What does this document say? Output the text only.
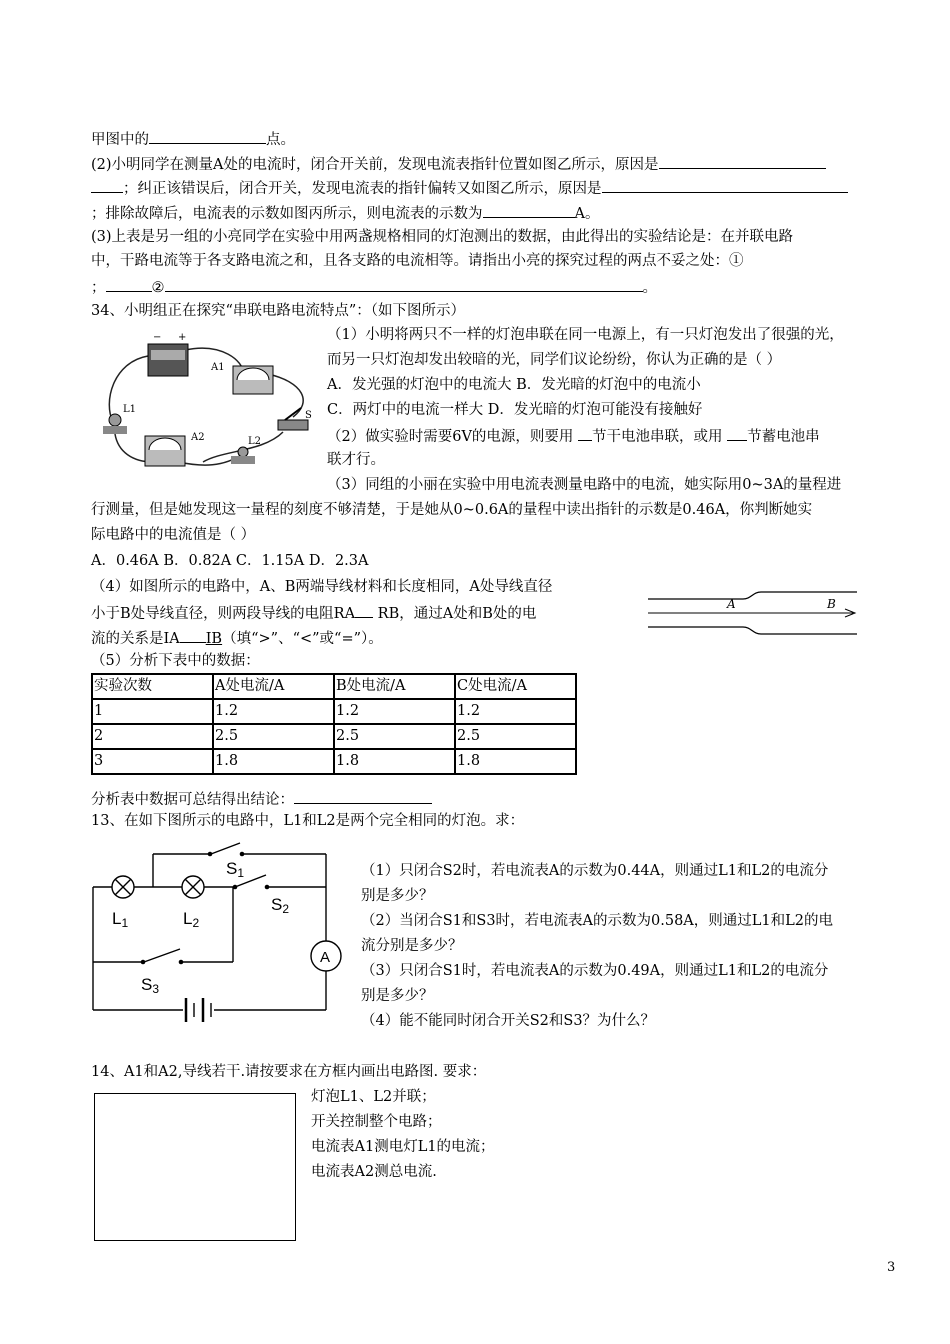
甲图中的	点。
(2)小明同学在测量A处的电流时，闭合开关前，发现电流表指针位置如图乙所示，原因是
；纠正该错误后，闭合开关，发现电流表的指针偏转又如图乙所示，原因是
；排除故障后，电流表的示数如图丙所示，则电流表的示数为	A。
(3)上表是另一组的小亮同学在实验中用两盏规格相同的灯泡测出的数据，由此得出的实验结论是：在并联电路
中，干路电流等于各支路电流之和，且各支路的电流相等。请指出小亮的探究过程的两点不妥之处：①
；	②	。
34、小明组正在探究“串联电路电流特点”：（如下图所示）
− +
A1
A2
L1
L2
S
（1）小明将两只不一样的灯泡串联在同一电源上，有一只灯泡发出了很强的光，
而另一只灯泡却发出较暗的光，同学们议论纷纷，你认为正确的是（ ）
A．发光强的灯泡中的电流大 B．发光暗的灯泡中的电流小
C．两灯中的电流一样大 D．发光暗的灯泡可能没有接触好
（2）做实验时需要6V的电源，则要用 节干电池串联，或用 节蓄电池串
联才行。
（3）同组的小丽在实验中用电流表测量电路中的电流，她实际用0~3A的量程进
行测量，但是她发现这一量程的刻度不够清楚，于是她从0~0.6A的量程中读出指针的示数是0.46A，你判断她实
际电路中的电流值是（ ）
A．0.46A B．0.82A C．1.15A D．2.3A
（4）如图所示的电路中，A、B两端导线材料和长度相同，A处导线直径
小于B处导线直径，则两段导线的电阻RA RB，通过A处和B处的电
流的关系是IA IB（填“>”、“<”或“=”）。
A	B
（5）分析下表中的数据：
实验次数	A处电流/A	B处电流/A	C处电流/A
1	1.2	1.2	1.2
2	2.5	2.5	2.5
3	1.8	1.8	1.8
分析表中数据可总结得出结论：
13、在如下图所示的电路中，L1和L2是两个完全相同的灯泡。求：
S1
S2
S3
L1	L2
A
（1）只闭合S2时，若电流表A的示数为0.44A，则通过L1和L2的电流分
别是多少？
（2）当闭合S1和S3时，若电流表A的示数为0.58A，则通过L1和L2的电
流分别是多少？
（3）只闭合S1时，若电流表A的示数为0.49A，则通过L1和L2的电流分
别是多少？
（4）能不能同时闭合开关S2和S3？为什么？
14、A1和A2,导线若干.请按要求在方框内画出电路图. 要求：
灯泡L1、L2并联；
开关控制整个电路；
电流表A1测电灯L1的电流；
电流表A2测总电流.
3
